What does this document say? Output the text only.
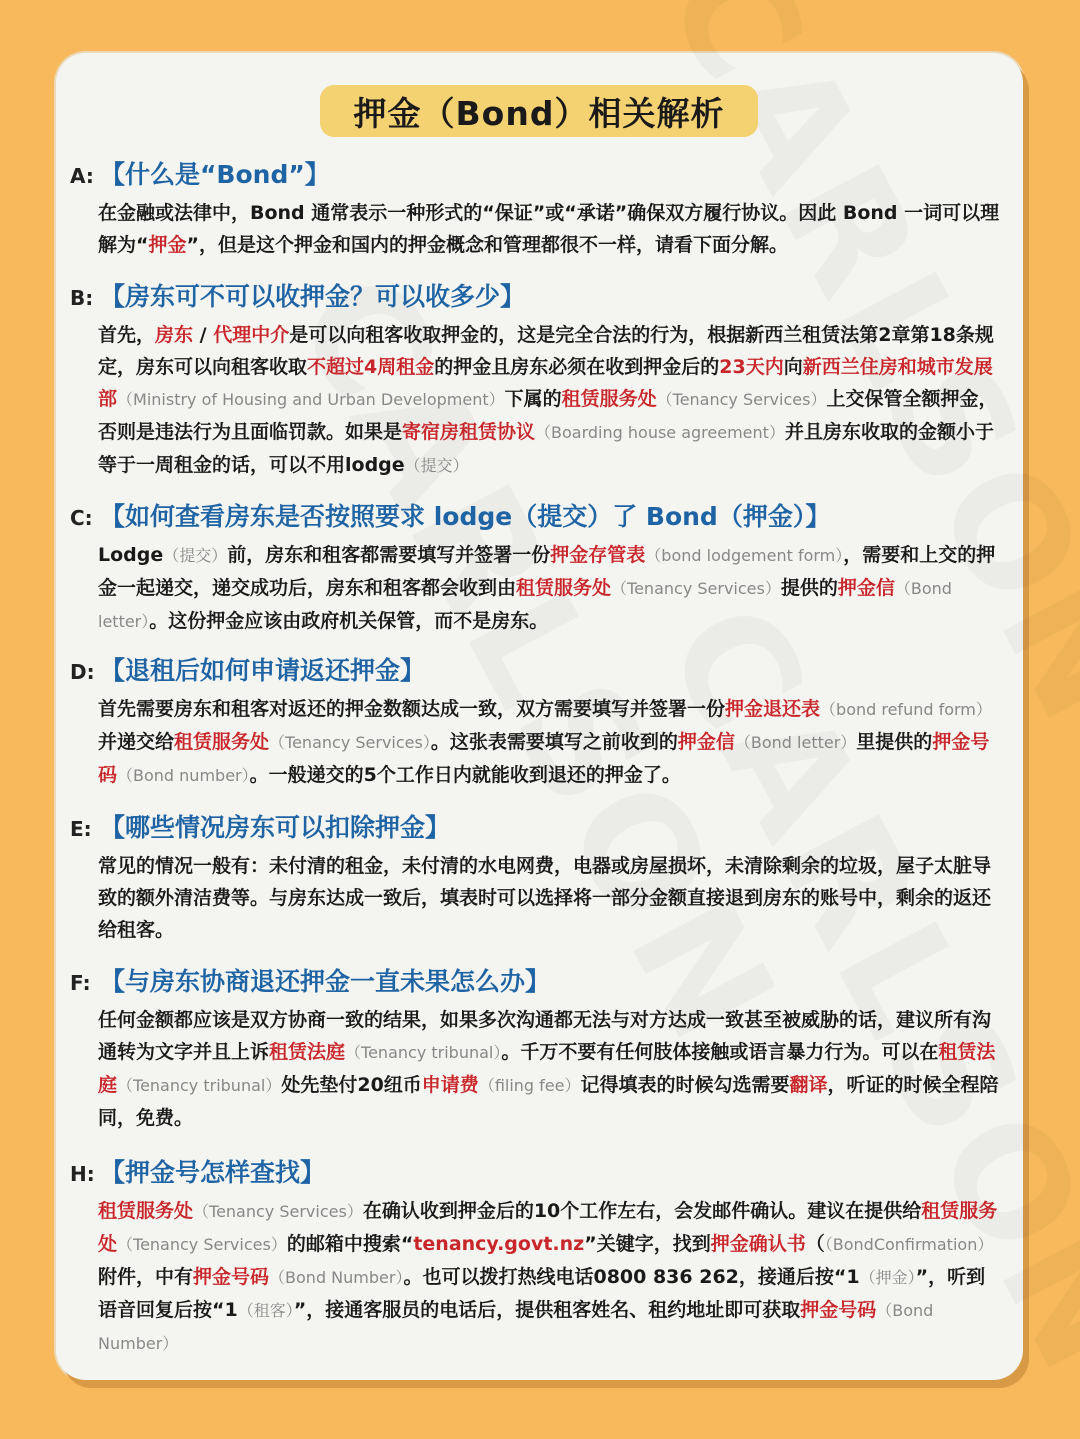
押金（Bond）相关解析
A: 【什么是“Bond”】
在金融或法律中，Bond 通常表示一种形式的“保证”或“承诺”确保双方履行协议。因此 Bond 一词可以理解为“押金”，但是这个押金和国内的押金概念和管理都很不一样，请看下面分解。
B: 【房东可不可以收押金？可以收多少】
首先，房东 / 代理中介是可以向租客收取押金的，这是完全合法的行为，根据新西兰租赁法第2章第18条规定，房东可以向租客收取不超过4周租金的押金且房东必须在收到押金后的23天内向新西兰住房和城市发展部（Ministry of Housing and Urban Development）下属的租赁服务处（Tenancy Services）上交保管全额押金，否则是违法行为且面临罚款。如果是寄宿房租赁协议（Boarding house agreement）并且房东收取的金额小于等于一周租金的话，可以不用lodge（提交）
C: 【如何查看房东是否按照要求 lodge（提交）了 Bond（押金）】
Lodge（提交）前，房东和租客都需要填写并签署一份押金存管表（bond lodgement form），需要和上交的押金一起递交，递交成功后，房东和租客都会收到由租赁服务处（Tenancy Services）提供的押金信（Bond letter）。这份押金应该由政府机关保管，而不是房东。
D: 【退租后如何申请返还押金】
首先需要房东和租客对返还的押金数额达成一致，双方需要填写并签署一份押金退还表（bond refund form）并递交给租赁服务处（Tenancy Services）。这张表需要填写之前收到的押金信（Bond letter）里提供的押金号码（Bond number）。一般递交的5个工作日内就能收到退还的押金了。
E: 【哪些情况房东可以扣除押金】
常见的情况一般有：未付清的租金，未付清的水电网费，电器或房屋损坏，未清除剩余的垃圾，屋子太脏导致的额外清洁费等。与房东达成一致后，填表时可以选择将一部分金额直接退到房东的账号中，剩余的返还给租客。
F: 【与房东协商退还押金一直未果怎么办】
任何金额都应该是双方协商一致的结果，如果多次沟通都无法与对方达成一致甚至被威胁的话，建议所有沟通转为文字并且上诉租赁法庭（Tenancy tribunal）。千万不要有任何肢体接触或语言暴力行为。可以在租赁法庭（Tenancy tribunal）处先垫付20纽币申请费（filing fee）记得填表的时候勾选需要翻译，听证的时候全程陪同，免费。
H: 【押金号怎样查找】
租赁服务处（Tenancy Services）在确认收到押金后的10个工作左右，会发邮件确认。建议在提供给租赁服务处（Tenancy Services）的邮箱中搜索“tenancy.govt.nz”关键字，找到押金确认书（（BondConfirmation）附件，中有押金号码（Bond Number）。也可以拨打热线电话0800 836 262，接通后按“1（押金）”，听到语音回复后按“1（租客）”，接通客服员的电话后，提供租客姓名、租约地址即可获取押金号码（Bond Number）
